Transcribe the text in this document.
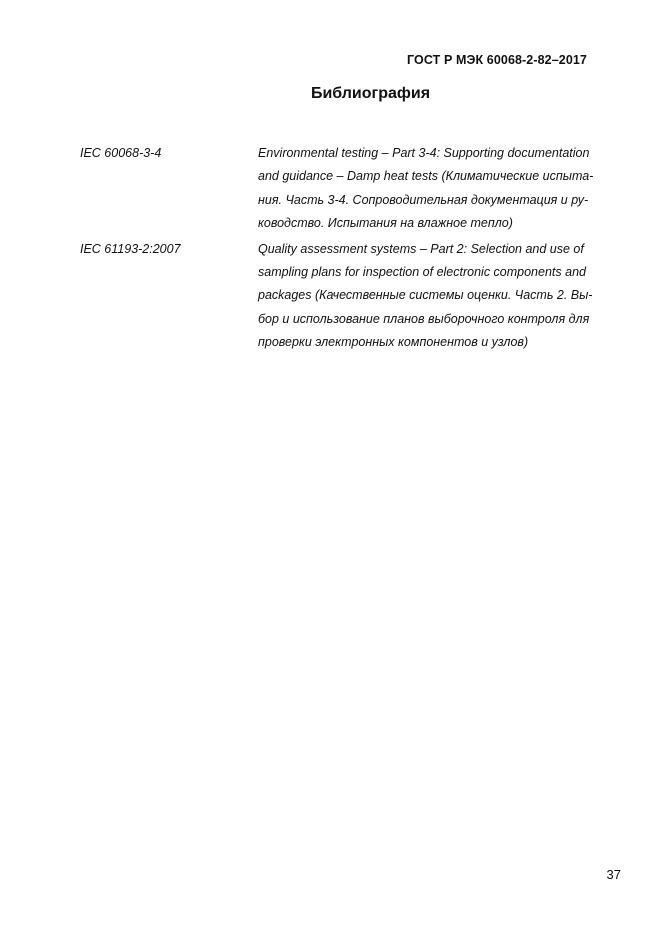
ГОСТ Р МЭК 60068-2-82–2017
Библиография
IEC 60068-3-4	Environmental testing – Part 3-4: Supporting documentation
and guidance – Damp heat tests (Климатические испыта-
ния. Часть 3-4. Сопроводительная документация и ру-
ководство. Испытания на влажное тепло)
IEC 61193-2:2007	Quality assessment systems – Part 2: Selection and use of
sampling plans for inspection of electronic components and
packages (Качественные системы оценки. Часть 2. Вы-
бор и использование планов выборочного контроля для
проверки электронных компонентов и узлов)
37
